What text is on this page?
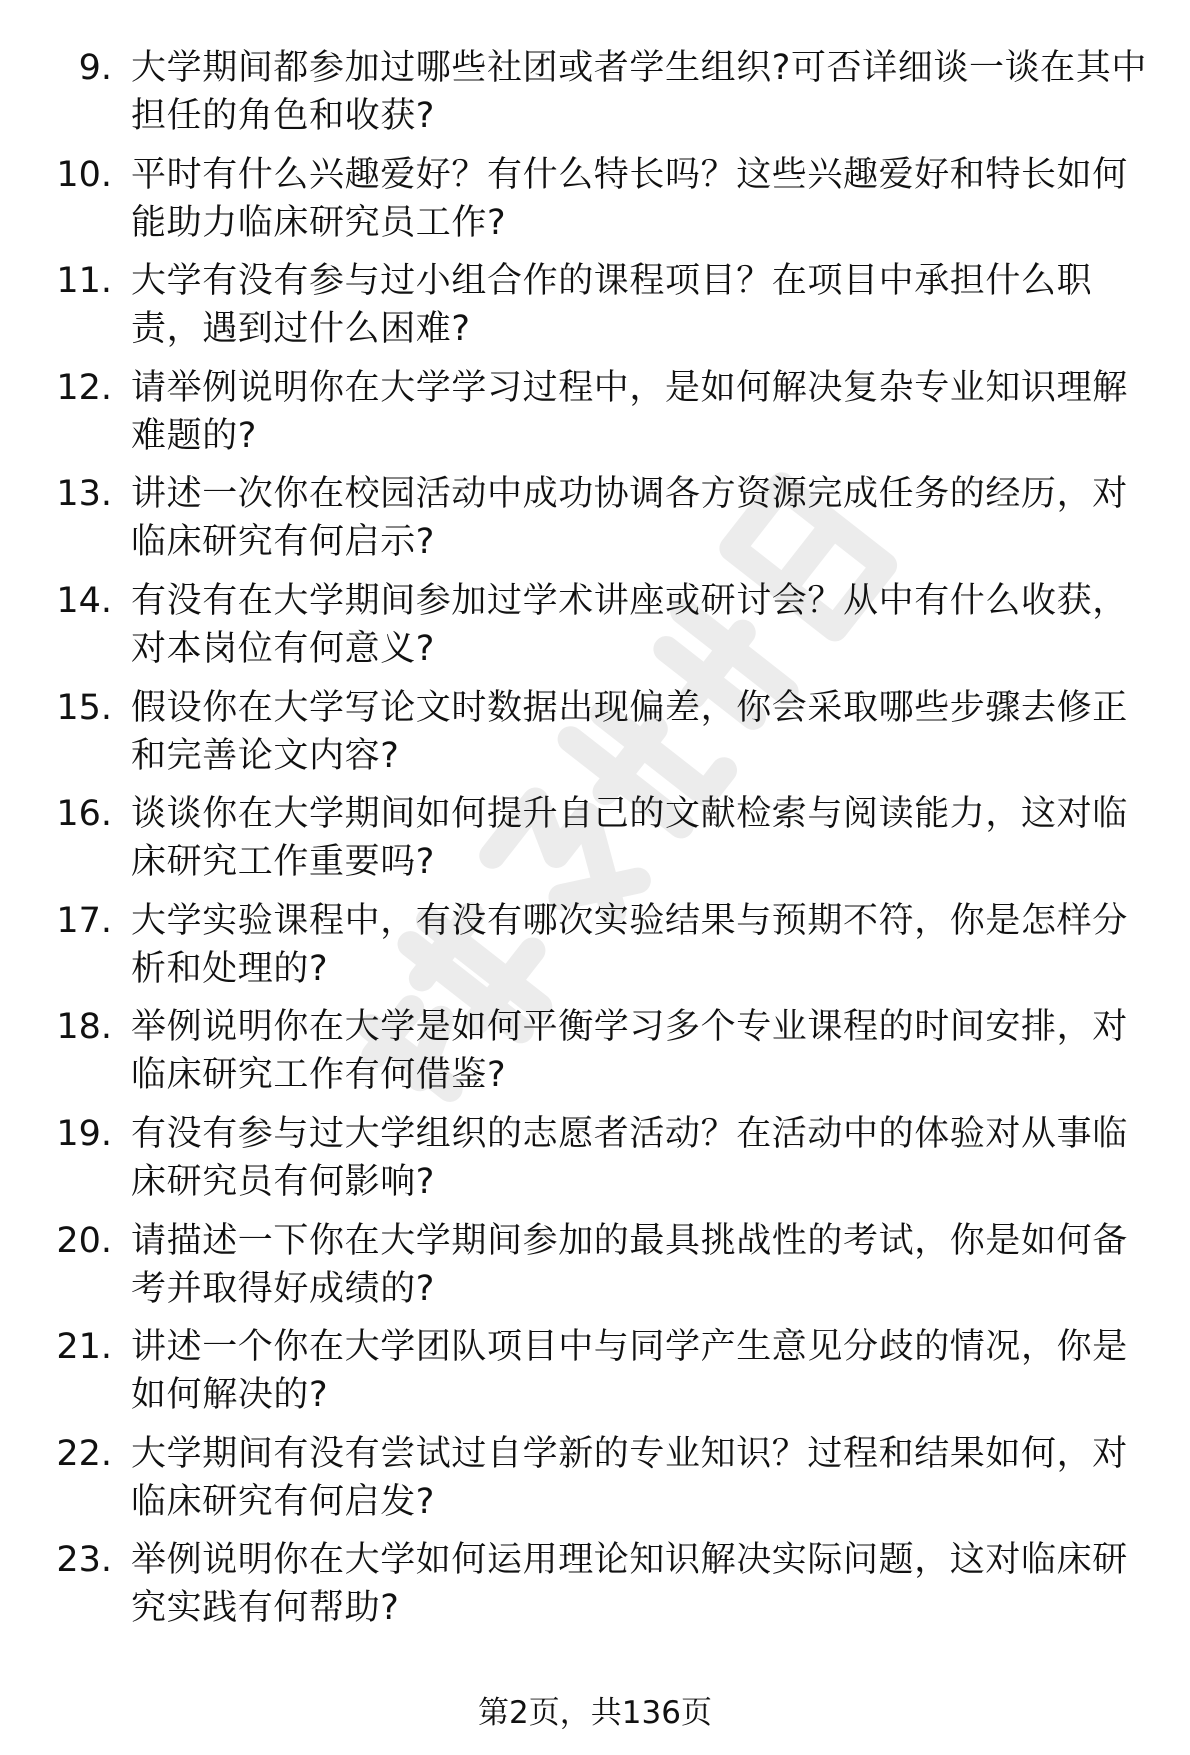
9. 大学期间都参加过哪些社团或者学生组织?可否详细谈一谈在其中
担任的角色和收获?
10. 平时有什么兴趣爱好？有什么特长吗？这些兴趣爱好和特长如何
能助力临床研究员工作?
11. 大学有没有参与过小组合作的课程项目？在项目中承担什么职
责，遇到过什么困难?
12. 请举例说明你在大学学习过程中，是如何解决复杂专业知识理解
难题的?
13. 讲述一次你在校园活动中成功协调各方资源完成任务的经历，对
临床研究有何启示?
14. 有没有在大学期间参加过学术讲座或研讨会？从中有什么收获，
对本岗位有何意义?
15. 假设你在大学写论文时数据出现偏差，你会采取哪些步骤去修正
和完善论文内容?
16. 谈谈你在大学期间如何提升自己的文献检索与阅读能力，这对临
床研究工作重要吗?
17. 大学实验课程中，有没有哪次实验结果与预期不符，你是怎样分
析和处理的?
18. 举例说明你在大学是如何平衡学习多个专业课程的时间安排，对
临床研究工作有何借鉴?
19. 有没有参与过大学组织的志愿者活动？在活动中的体验对从事临
床研究员有何影响?
20. 请描述一下你在大学期间参加的最具挑战性的考试，你是如何备
考并取得好成绩的?
21. 讲述一个你在大学团队项目中与同学产生意见分歧的情况，你是
如何解决的?
22. 大学期间有没有尝试过自学新的专业知识？过程和结果如何，对
临床研究有何启发?
23. 举例说明你在大学如何运用理论知识解决实际问题，这对临床研
究实践有何帮助?
第2页，共136页
